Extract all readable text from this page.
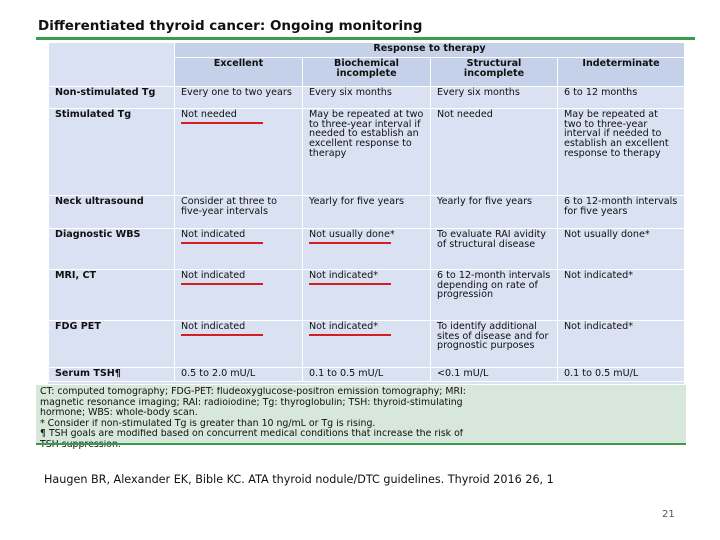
Differentiated thyroid cancer: Ongoing monitoring
	Response to therapy			
	Excellent	Biochemical incomplete	Structural incomplete	Indeterminate
Non-stimulated Tg	Every one to two years	Every six months	Every six months	6 to 12 months
Stimulated Tg	Not needed	May be repeated at two to three-year interval if needed to establish an excellent response to therapy	Not needed	May be repeated at two to three-year interval if needed to establish an excellent response to therapy
Neck ultrasound	Consider at three to five-year intervals	Yearly for five years	Yearly for five years	6 to 12-month intervals for five years
Diagnostic WBS	Not indicated	Not usually done*	To evaluate RAI avidity of structural disease	Not usually done*
MRI, CT	Not indicated	Not indicated*	6 to 12-month intervals depending on rate of progression	Not indicated*
FDG PET	Not indicated	Not indicated*	To identify additional sites of disease and for prognostic purposes	Not indicated*
Serum TSH¶	0.5 to 2.0 mU/L	0.1 to 0.5 mU/L	<0.1 mU/L	0.1 to 0.5 mU/L
CT: computed tomography; FDG-PET: fludeoxyglucose-positron emission tomography; MRI:
magnetic resonance imaging; RAI: radioiodine; Tg: thyroglobulin; TSH: thyroid-stimulating
hormone; WBS: whole-body scan.
* Consider if non-stimulated Tg is greater than 10 ng/mL or Tg is rising.
¶ TSH goals are modified based on concurrent medical conditions that increase the risk of
Haugen BR, Alexander EK, Bible KC. ATA thyroid nodule/DTC guidelines. Thyroid 2016 26, 1
21
